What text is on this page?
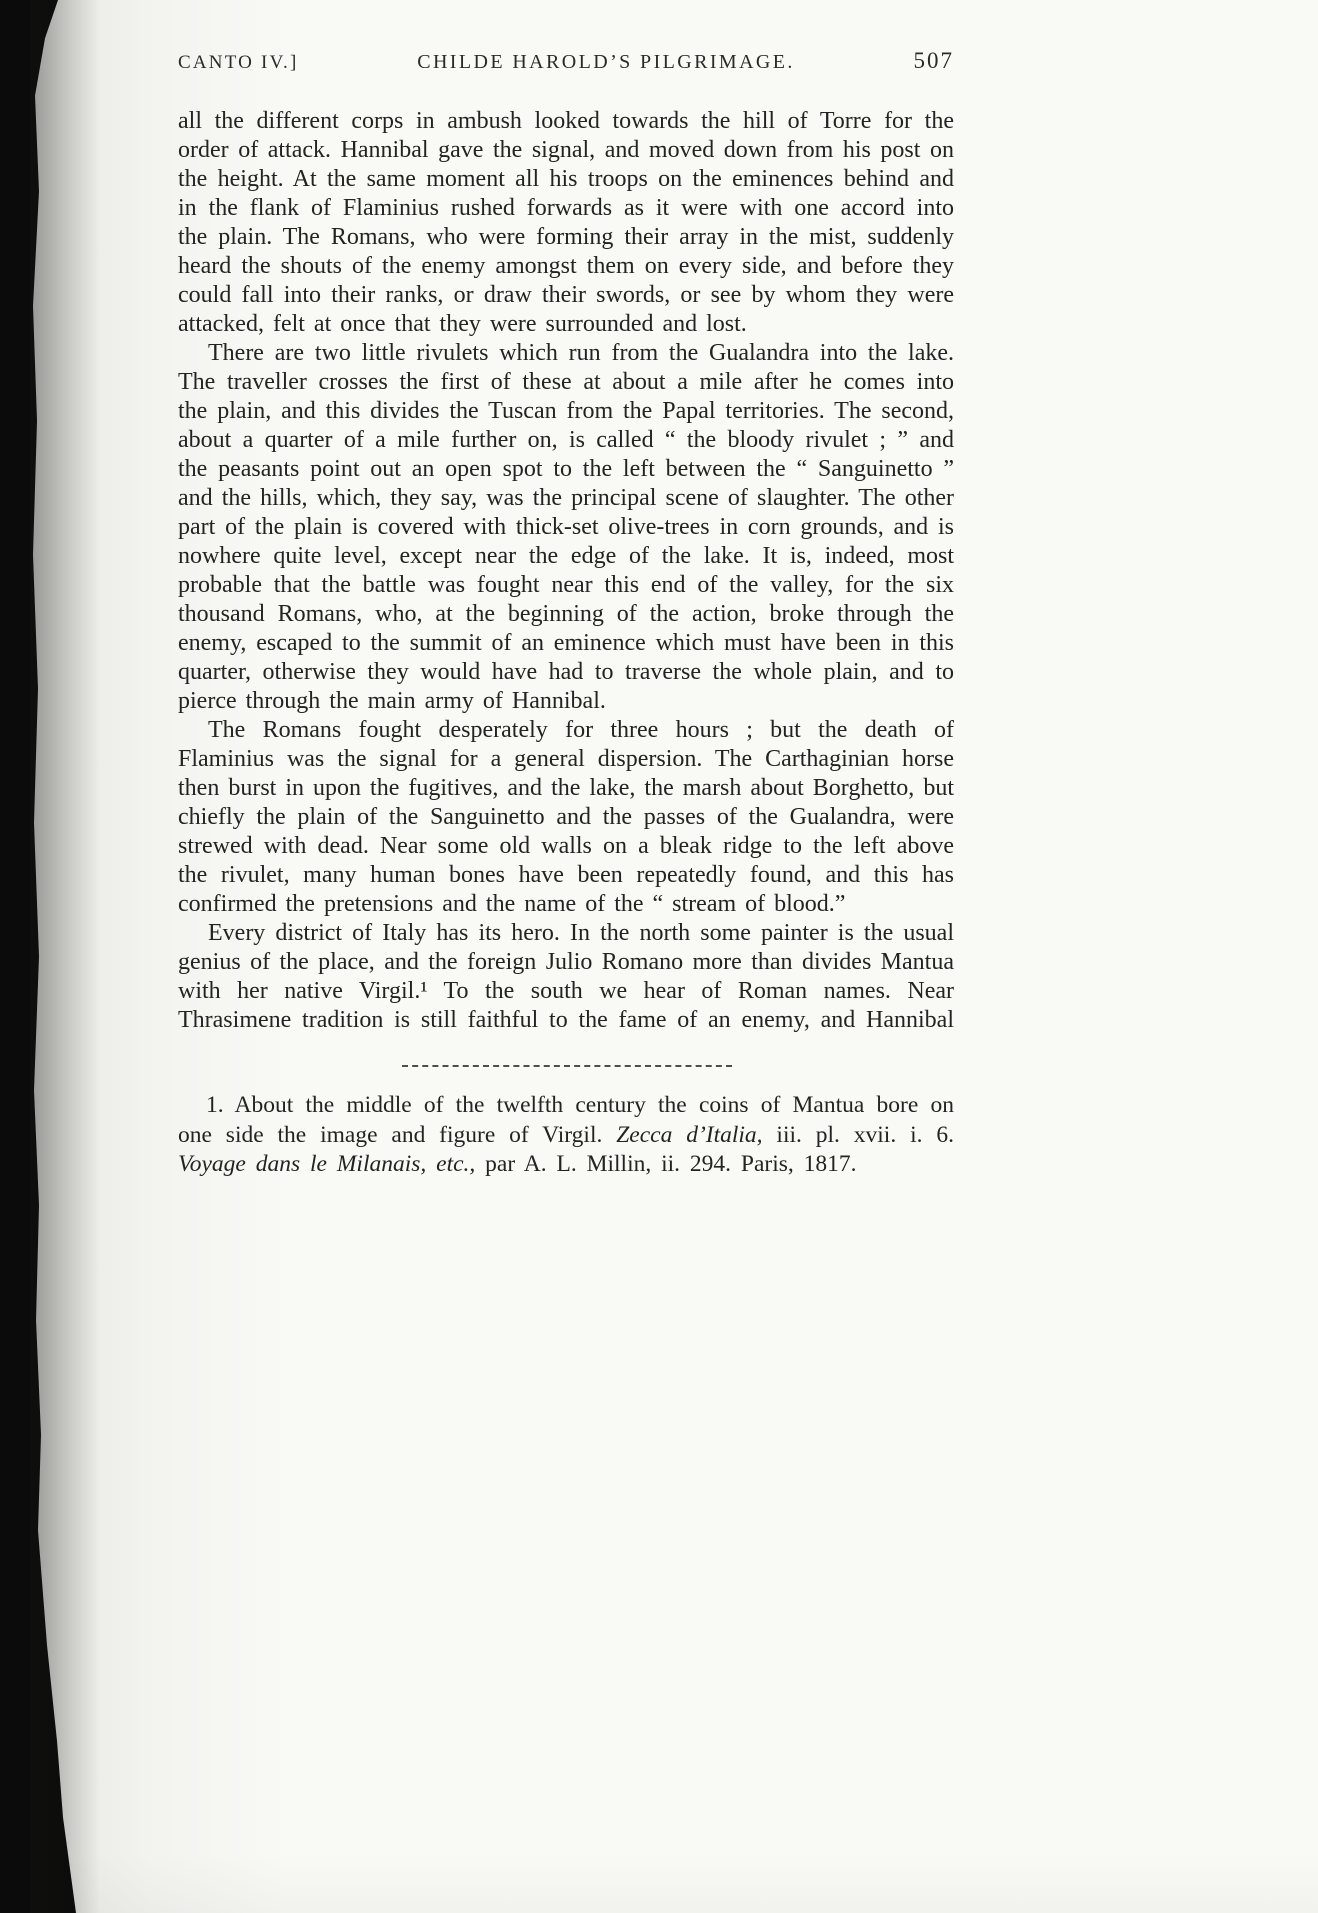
CANTO IV.]	CHILDE HAROLD’S PILGRIMAGE.	507

all the different corps in ambush looked towards the hill of Torre for the order of attack. Hannibal gave the signal, and moved down from his post on the height. At the same moment all his troops on the eminences behind and in the flank of Flaminius rushed forwards as it were with one accord into the plain. The Romans, who were forming their array in the mist, suddenly heard the shouts of the enemy amongst them on every side, and before they could fall into their ranks, or draw their swords, or see by whom they were attacked, felt at once that they were surrounded and lost.

There are two little rivulets which run from the Gualandra into the lake. The traveller crosses the first of these at about a mile after he comes into the plain, and this divides the Tuscan from the Papal territories. The second, about a quarter of a mile further on, is called “ the bloody rivulet ; ” and the peasants point out an open spot to the left between the “ Sanguinetto ” and the hills, which, they say, was the principal scene of slaughter. The other part of the plain is covered with thick-set olive-trees in corn grounds, and is nowhere quite level, except near the edge of the lake. It is, indeed, most probable that the battle was fought near this end of the valley, for the six thousand Romans, who, at the beginning of the action, broke through the enemy, escaped to the summit of an eminence which must have been in this quarter, otherwise they would have had to traverse the whole plain, and to pierce through the main army of Hannibal.

The Romans fought desperately for three hours ; but the death of Flaminius was the signal for a general dispersion. The Carthaginian horse then burst in upon the fugitives, and the lake, the marsh about Borghetto, but chiefly the plain of the Sanguinetto and the passes of the Gualandra, were strewed with dead. Near some old walls on a bleak ridge to the left above the rivulet, many human bones have been repeatedly found, and this has confirmed the pretensions and the name of the “ stream of blood.”

Every district of Italy has its hero. In the north some painter is the usual genius of the place, and the foreign Julio Romano more than divides Mantua with her native Virgil.¹ To the south we hear of Roman names. Near Thrasimene tradition is still faithful to the fame of an enemy, and Hannibal

1. About the middle of the twelfth century the coins of Mantua bore on one side the image and figure of Virgil. Zecca d’Italia, iii. pl. xvii. i. 6. Voyage dans le Milanais, etc., par A. L. Millin, ii. 294. Paris, 1817.
